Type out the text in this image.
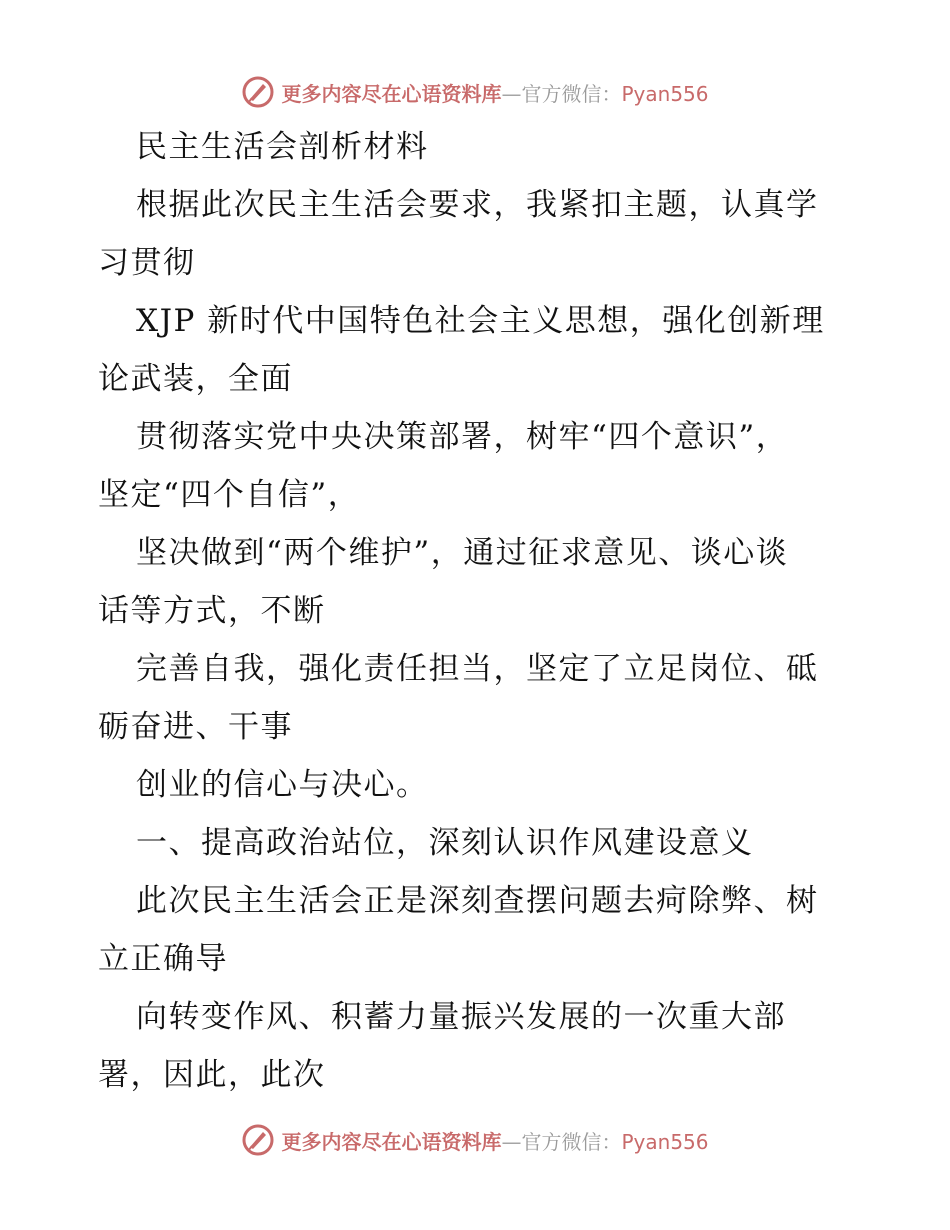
更多内容尽在心语资料库—官方微信：Pyan556
民主生活会剖析材料
根据此次民主生活会要求，我紧扣主题，认真学
习贯彻
XJP 新时代中国特色社会主义思想，强化创新理
论武装，全面
贯彻落实党中央决策部署，树牢“四个意识”，
坚定“四个自信”，
坚决做到“两个维护”，通过征求意见、谈心谈
话等方式，不断
完善自我，强化责任担当，坚定了立足岗位、砥
砺奋进、干事
创业的信心与决心。
一、提高政治站位，深刻认识作风建设意义
此次民主生活会正是深刻查摆问题去疴除弊、树
立正确导
向转变作风、积蓄力量振兴发展的一次重大部
署，因此，此次
更多内容尽在心语资料库—官方微信：Pyan556
